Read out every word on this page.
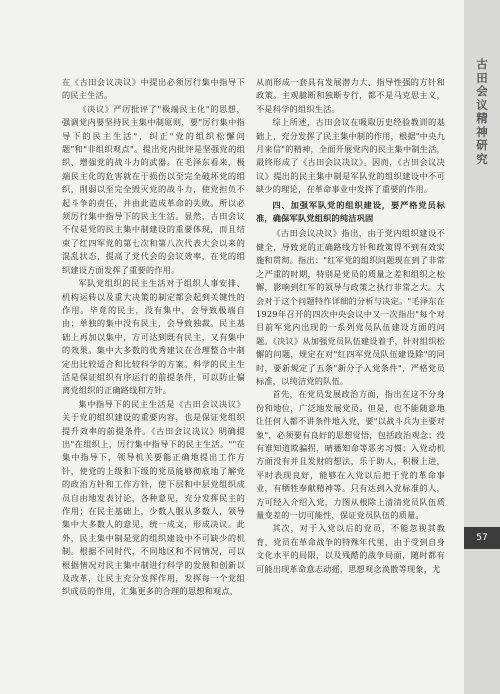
在《古田会议决议》中提出必须厉行集中指导下的民主生活。

《决议》严厉批评了"极端民主化"的思想，强调党内要坚持民主集中制原则，要"厉行集中指导下的民主生活"，纠正"党的组织松懈问题"和"非组织观点"。提出党内批评是坚强党的组织、增强党的战斗力的武器。在毛泽东看来，极端民主化的危害就在于损伤以至完全破坏党的组织，削弱以至完全毁灭党的战斗力，使党担负不起斗争的责任，并由此造成革命的失败。所以必须厉行集中指导下的民主生活。显然，古田会议不仅是党的民主集中制建设的重要体现，而且结束了红四军党的第七次和第八次代表大会以来的混乱状态，提高了党代会的会议效率，在党的组织建设方面发挥了重要的作用。

军队党组织的民主生活对于组织人事安排、机构运转以及重大决策的制定都会起到关键性的作用。毕竟的民主，没有集中，会导致极端自由；单独的集中没有民主，会导致独裁。民主基础上再加以集中，方可达到既有民主，又有集中的效果。集中大多数的优秀建议在合理整合中制定出比较适合和比较科学的方案。科学的民主生活是保证组织有序运行的前提条件，可以防止偏离党组织的正确路线和方针。

集中指导下的民主生活是《古田会议决议》关于党的组织建设的重要内容，也是保证党组织提升效率的前提条件。《古田会议决议》明确提出"在组织上，厉行集中指导下的民主生活。""在集中指导下，领导机关要能正确地提出工作方针，使党的上级和下级的党员能够彻底地了解党的政治方针和工作方针，使下层和中层党组织成员自由地发表讨论，各种意见，充分发挥民主的作用；在民主基础上，少数人服从多数人，领导集中大多数人的意见，统一成文，形成决议。此外，民主集中制是党的组织建设中不可缺少的机制。根据不同时代，不同地区和不同情况，可以根据情况对民主集中制进行科学的发展和创新以及改革，让民主充分发挥作用，发挥每一个党组织成员的作用，汇集更多的合理的思想和观点，

从而形成一套具有发展潜力大、指导性强的方针和政策。主观臆断和独断专行，都不是马克思主义，不是科学的组织生活。

综上所述，古田会议在吸取历史经验教训的基础上，充分发挥了民主集中制的作用，根据"中央九月来信"的精神，全面开展党内的民主集中制生活，最终形成了《古田会议决议》。因而，《古田会议决议》提出的民主集中制是军队党的组织建设中不可缺少的理论，在革命事业中发挥了重要的作用。

四、加强军队党的组织建设，要严格党员标准，确保军队党组织的纯洁巩固

《古田会议决议》指出，由于党内组织建设不健全，导致党的正确路线方针和政策得不到有效实施和贯彻。指出："红军党的组织问题现在到了非常之严重的时期，特别是党员的质量之差和组织之松懈，影响到红军的领导与政策之执行非常之大。大会对于这个问题特作详细的分析与决定。"毛泽东在1929年召开的四次中央会议中又一次指出"每个对目前军党内出现的一系列党员队伍建设方面的问题。《决议》从加强党员队伍建设着手，针对组织松懈的问题，规定在对"红四军党员队伍建设除"的同时，要新规定了五条"新分子入党条件"，严格党员标准，以纯洁党的队伍。

首先，在党员发展政治方面，指出在这不分身份和地位，广泛地发展党员。但是，也不能随意地让任何人都不讲条件地入党，要"以战斗兵为主要对象"，必须要有良好的思想觉悟，包括政治观念；没有谁知道欺骗拐，晴播知命等恶劣习惯；入党动机方面没有并且发财的想法，乐于助人，积极上进，平时表现良好，能够在入党以后把于党的革命事业，有牺牲奉献精神等。只有达到入党标准的人，方可经入介绍入党，力图从根除上清清党员队伍质量变差的一切可能性，保证党员队伍的质量。

其次，对于入党以后的党员，不能忽视其教育，党员在革命战争的特殊年代里，由于受到自身文化水平的局限，以及残酷的战争局面，随时都有可能出现革命意志动摇，思想观念涣散等现象，尤

古田会议精神研究
57
